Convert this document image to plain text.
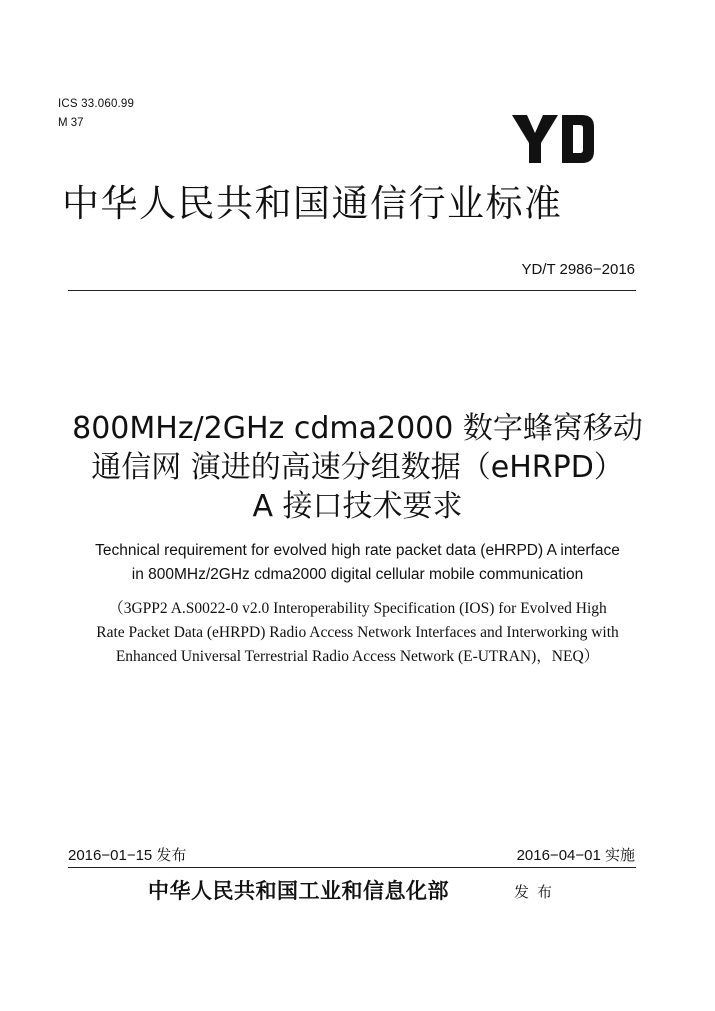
ICS 33.060.99
M 37
中华人民共和国通信行业标准
YD/T 2986−2016
800MHz/2GHz cdma2000 数字蜂窝移动
通信网 演进的高速分组数据（eHRPD）
A 接口技术要求
Technical requirement for evolved high rate packet data (eHRPD) A interface
in 800MHz/2GHz cdma2000 digital cellular mobile communication
（3GPP2 A.S0022-0 v2.0 Interoperability Specification (IOS) for Evolved High
Rate Packet Data (eHRPD) Radio Access Network Interfaces and Interworking with
Enhanced Universal Terrestrial Radio Access Network (E-UTRAN)，NEQ）
2016−01−15 发布	2016−04−01 实施
中华人民共和国工业和信息化部	发布
